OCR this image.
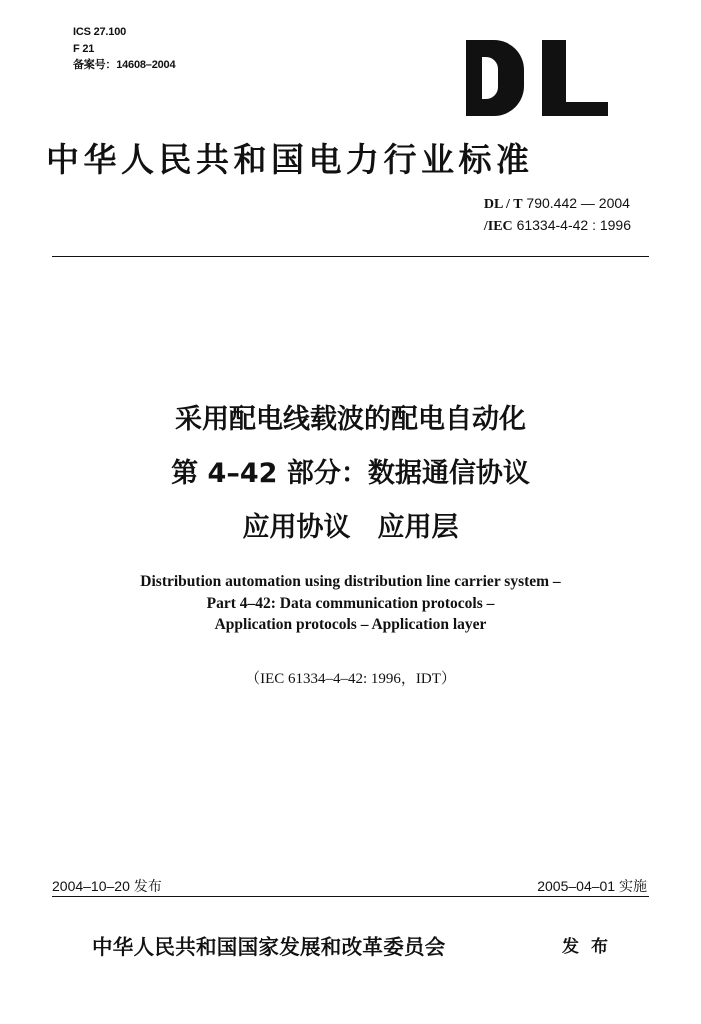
ICS 27.100
F 21
备案号：14608–2004
中华人民共和国电力行业标准
DL / T 790.442 — 2004
/IEC 61334-4-42 : 1996
采用配电线载波的配电自动化
第 4–42 部分：数据通信协议
应用协议　应用层
Distribution automation using distribution line carrier system –
Part 4–42: Data communication protocols –
Application protocols – Application layer
（IEC 61334–4–42: 1996，IDT）
2004–10–20 发布	2005–04–01 实施
中华人民共和国国家发展和改革委员会	发布
